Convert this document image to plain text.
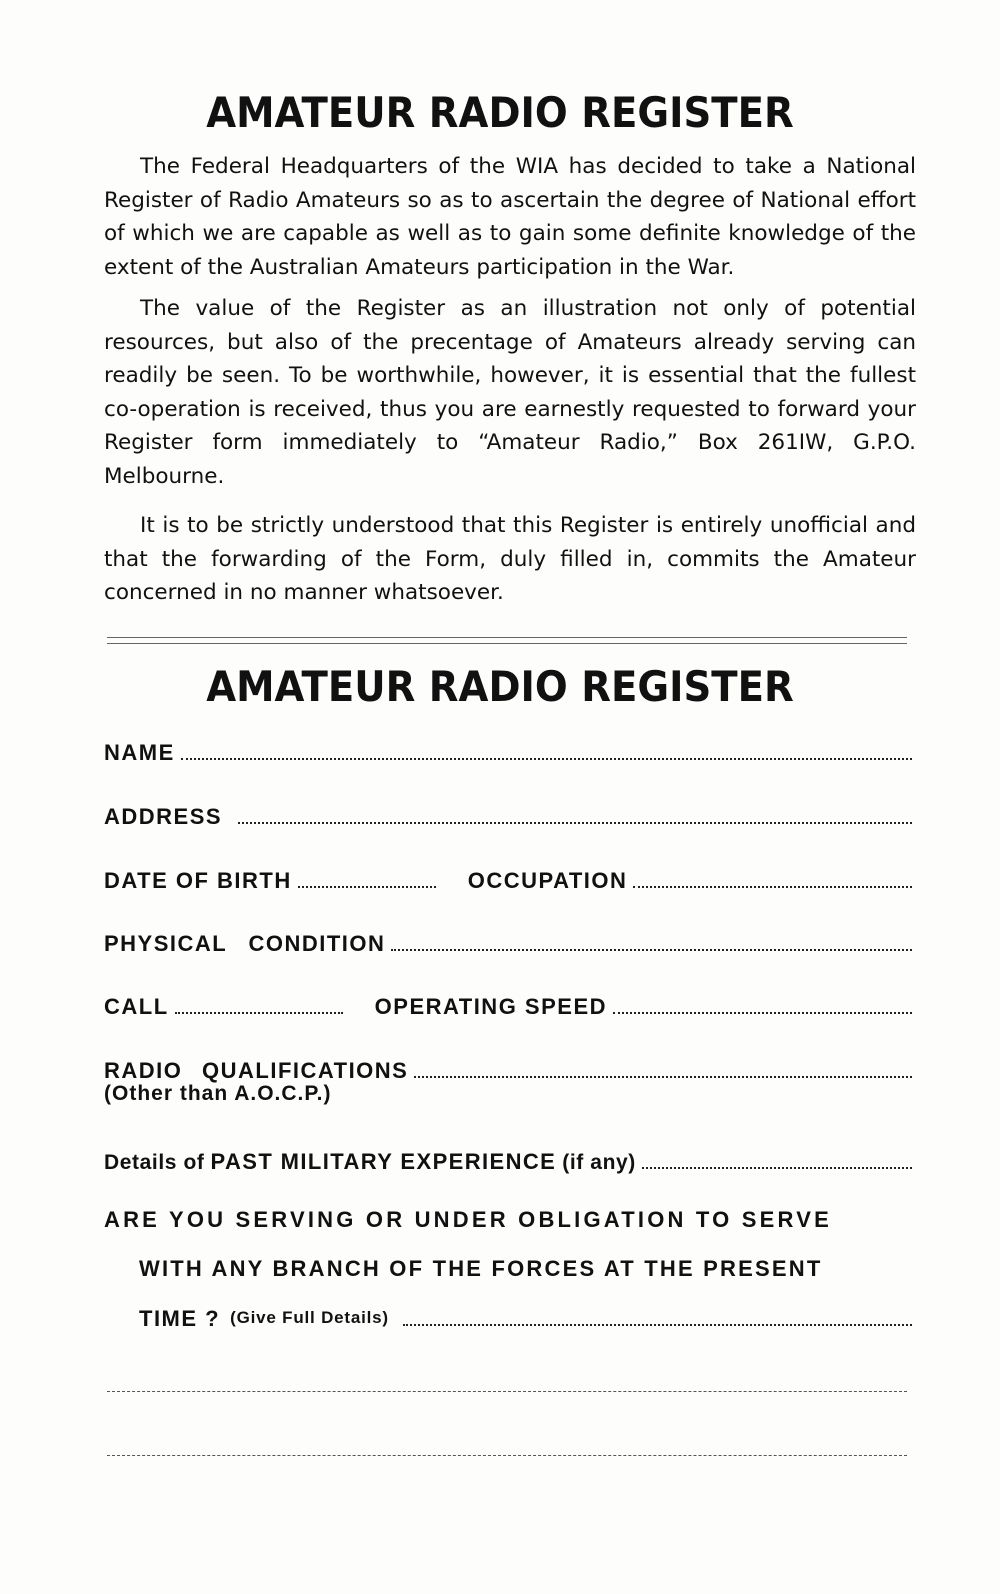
AMATEUR RADIO REGISTER

The Federal Headquarters of the WIA has decided to take a National Register of Radio Amateurs so as to ascertain the degree of National effort of which we are capable as well as to gain some definite knowledge of the extent of the Australian Amateurs participation in the War.

The value of the Register as an illustration not only of potential resources, but also of the precentage of Amateurs already serving can readily be seen. To be worthwhile, however, it is essential that the fullest co-operation is received, thus you are earnestly requested to forward your Register form immediately to “Amateur Radio,” Box 261IW, G.P.O. Melbourne.

It is to be strictly understood that this Register is entirely unofficial and that the forwarding of the Form, duly filled in, commits the Amateur concerned in no manner whatsoever.

AMATEUR RADIO REGISTER
NAME
ADDRESS
DATE OF BIRTH	OCCUPATION
PHYSICAL CONDITION
CALL	OPERATING SPEED
RADIO QUALIFICATIONS
(Other than A.O.C.P.)
Details of PAST MILITARY EXPERIENCE (if any)
ARE YOU SERVING OR UNDER OBLIGATION TO SERVE
WITH ANY BRANCH OF THE FORCES AT THE PRESENT
TIME ? (Give Full Details)
